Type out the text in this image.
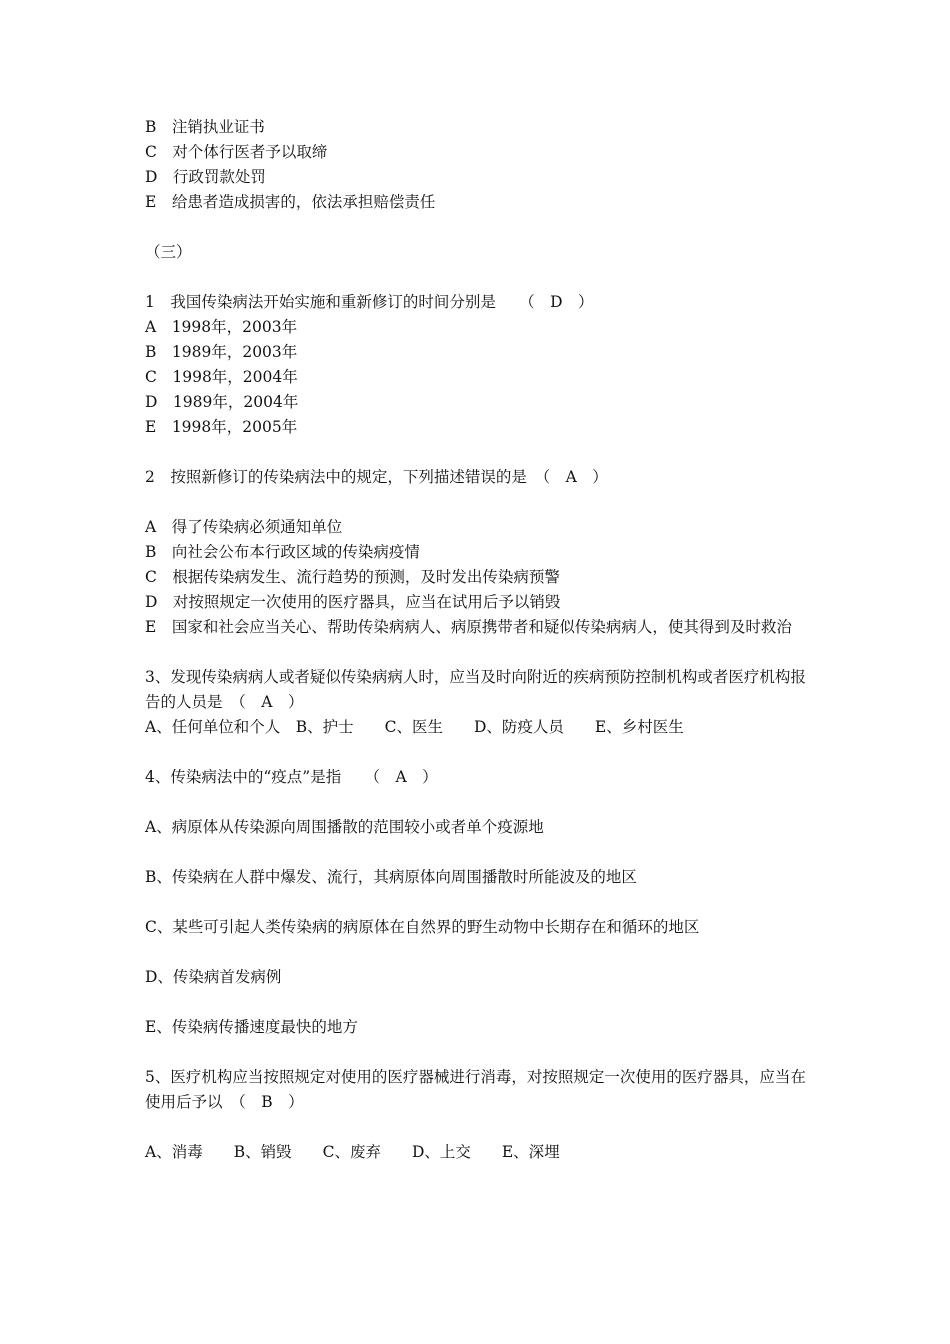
B　注销执业证书
C　对个体行医者予以取缔
D　行政罚款处罚
E　给患者造成损害的，依法承担赔偿责任
（三）
1　我国传染病法开始实施和重新修订的时间分别是　　（　D　）
A　1998年，2003年
B　1989年，2003年
C　1998年，2004年
D　1989年，2004年
E　1998年，2005年
2　按照新修订的传染病法中的规定，下列描述错误的是　（　A　）
A　得了传染病必须通知单位
B　向社会公布本行政区域的传染病疫情
C　根据传染病发生、流行趋势的预测，及时发出传染病预警
D　对按照规定一次使用的医疗器具，应当在试用后予以销毁
E　国家和社会应当关心、帮助传染病病人、病原携带者和疑似传染病病人，使其得到及时救治
3、发现传染病病人或者疑似传染病病人时，应当及时向附近的疾病预防控制机构或者医疗机构报告的人员是　（　A　）
A、任何单位和个人　B、护士　　C、医生　　D、防疫人员　　E、乡村医生
4、传染病法中的“疫点”是指　　（　A　）
A、病原体从传染源向周围播散的范围较小或者单个疫源地
B、传染病在人群中爆发、流行，其病原体向周围播散时所能波及的地区
C、某些可引起人类传染病的病原体在自然界的野生动物中长期存在和循环的地区
D、传染病首发病例
E、传染病传播速度最快的地方
5、医疗机构应当按照规定对使用的医疗器械进行消毒，对按照规定一次使用的医疗器具，应当在使用后予以　（　B　）
A、消毒　　B、销毁　　C、废弃　　D、上交　　E、深埋
